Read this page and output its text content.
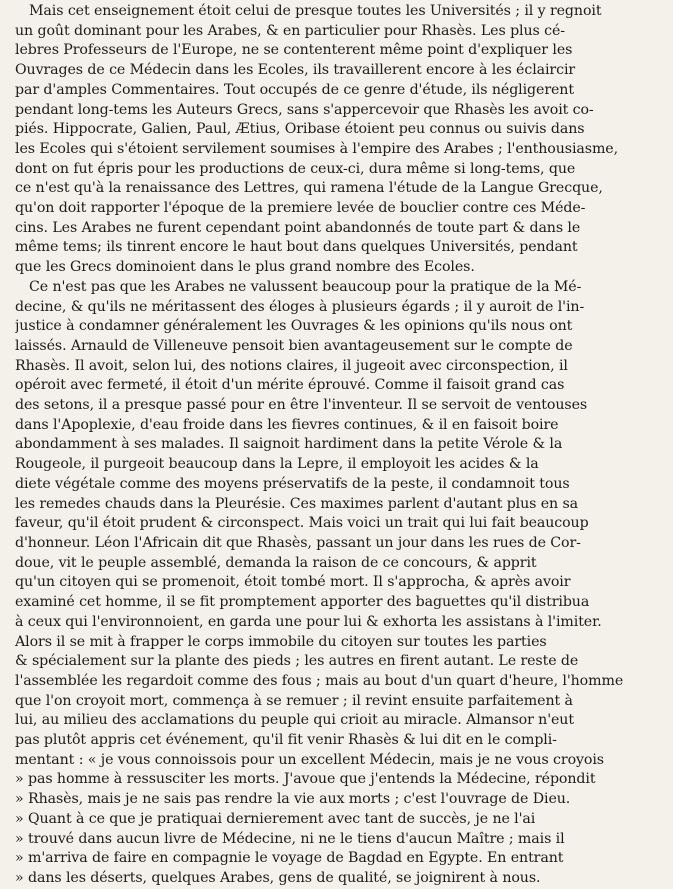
Mais cet enseignement étoit celui de presque toutes les Universités ; il y regnoit
un goût dominant pour les Arabes, & en particulier pour Rhasès. Les plus cé-
lebres Professeurs de l'Europe, ne se contenterent même point d'expliquer les
Ouvrages de ce Médecin dans les Ecoles, ils travaillerent encore à les éclaircir
par d'amples Commentaires. Tout occupés de ce genre d'étude, ils négligerent
pendant long-tems les Auteurs Grecs, sans s'appercevoir que Rhasès les avoit co-
piés. Hippocrate, Galien, Paul, Ætius, Oribase étoient peu connus ou suivis dans
les Ecoles qui s'étoient servilement soumises à l'empire des Arabes ; l'enthousiasme,
dont on fut épris pour les productions de ceux-ci, dura même si long-tems, que
ce n'est qu'à la renaissance des Lettres, qui ramena l'étude de la Langue Grecque,
qu'on doit rapporter l'époque de la premiere levée de bouclier contre ces Méde-
cins. Les Arabes ne furent cependant point abandonnés de toute part & dans le
même tems; ils tinrent encore le haut bout dans quelques Universités, pendant
que les Grecs dominoient dans le plus grand nombre des Ecoles.
Ce n'est pas que les Arabes ne valussent beaucoup pour la pratique de la Mé-
decine, & qu'ils ne méritassent des éloges à plusieurs égards ; il y auroit de l'in-
justice à condamner généralement les Ouvrages & les opinions qu'ils nous ont
laissés. Arnauld de Villeneuve pensoit bien avantageusement sur le compte de
Rhasès. Il avoit, selon lui, des notions claires, il jugeoit avec circonspection, il
opéroit avec fermeté, il étoit d'un mérite éprouvé. Comme il faisoit grand cas
des setons, il a presque passé pour en être l'inventeur. Il se servoit de ventouses
dans l'Apoplexie, d'eau froide dans les fievres continues, & il en faisoit boire
abondamment à ses malades. Il saignoit hardiment dans la petite Vérole & la
Rougeole, il purgeoit beaucoup dans la Lepre, il employoit les acides & la
diete végétale comme des moyens préservatifs de la peste, il condamnoit tous
les remedes chauds dans la Pleurésie. Ces maximes parlent d'autant plus en sa
faveur, qu'il étoit prudent & circonspect. Mais voici un trait qui lui fait beaucoup
d'honneur. Léon l'Africain dit que Rhasès, passant un jour dans les rues de Cor-
doue, vit le peuple assemblé, demanda la raison de ce concours, & apprit
qu'un citoyen qui se promenoit, étoit tombé mort. Il s'approcha, & après avoir
examiné cet homme, il se fit promptement apporter des baguettes qu'il distribua
à ceux qui l'environnoient, en garda une pour lui & exhorta les assistans à l'imiter.
Alors il se mit à frapper le corps immobile du citoyen sur toutes les parties
& spécialement sur la plante des pieds ; les autres en firent autant. Le reste de
l'assemblée les regardoit comme des fous ; mais au bout d'un quart d'heure, l'homme
que l'on croyoit mort, commença à se remuer ; il revint ensuite parfaitement à
lui, au milieu des acclamations du peuple qui crioit au miracle. Almansor n'eut
pas plutôt appris cet événement, qu'il fit venir Rhasès & lui dit en le compli-
mentant : « je vous connoissois pour un excellent Médecin, mais je ne vous croyois
» pas homme à ressusciter les morts. J'avoue que j'entends la Médecine, répondit
» Rhasès, mais je ne sais pas rendre la vie aux morts ; c'est l'ouvrage de Dieu.
» Quant à ce que je pratiquai dernierement avec tant de succès, je ne l'ai
» trouvé dans aucun livre de Médecine, ni ne le tiens d'aucun Maître ; mais il
» m'arriva de faire en compagnie le voyage de Bagdad en Egypte. En entrant
» dans les déserts, quelques Arabes, gens de qualité, se joignirent à nous.
